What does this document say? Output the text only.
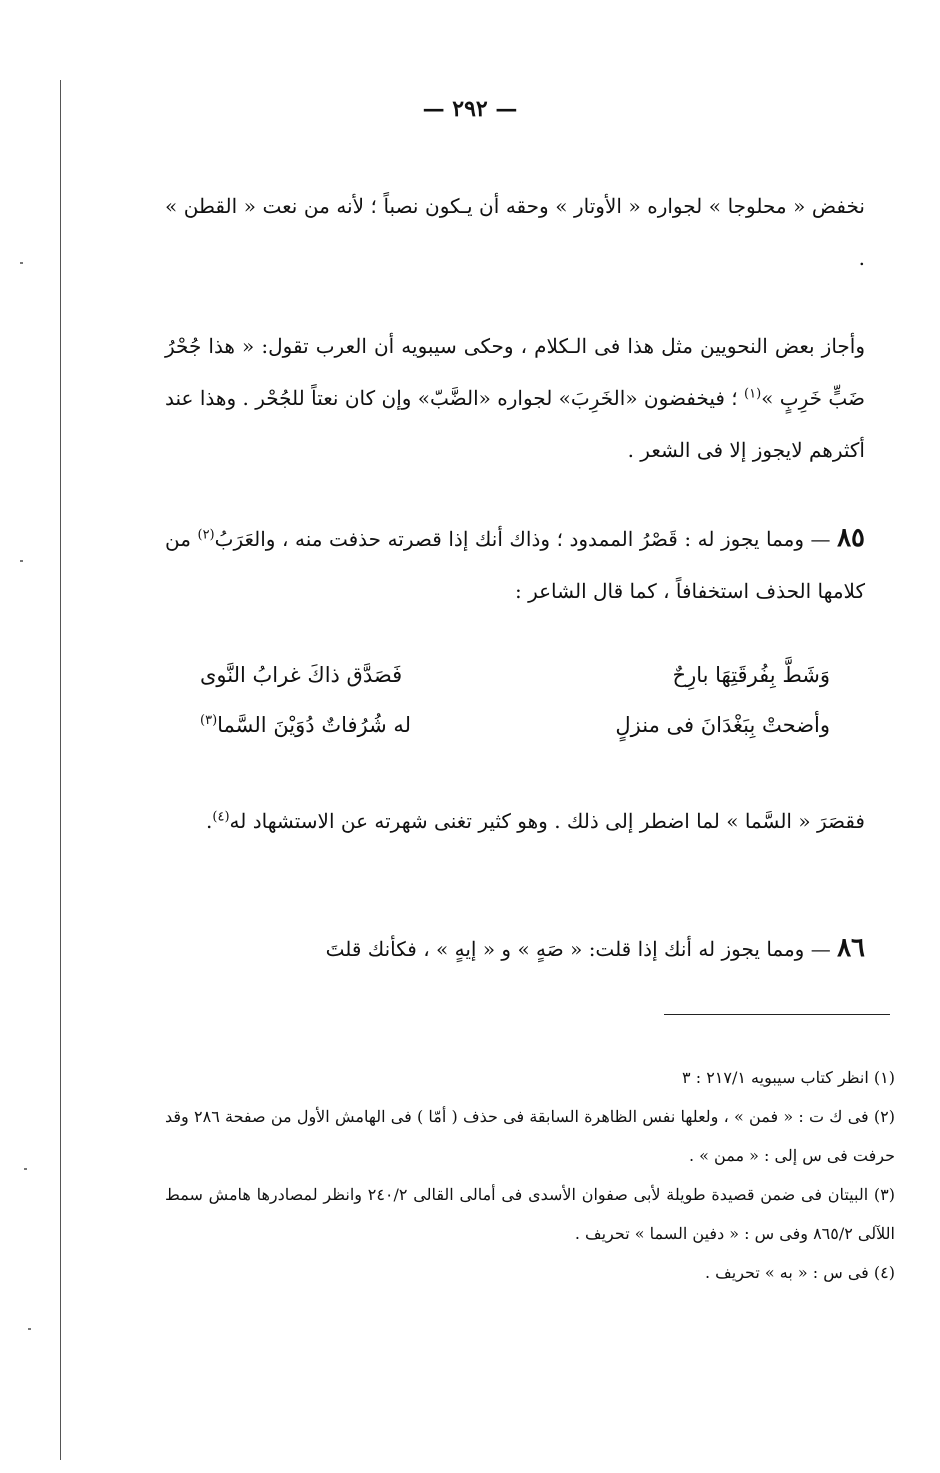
— ٢٩٢ —

نخفض « محلوجا » لجواره « الأوتار » وحقه أن يـكون نصباً ؛ لأنه من نعت « القطن » .

وأجاز بعض النحويين مثل هذا فى الـكلام ، وحكى سيبويه أن العرب تقول: « هذا جُحْرُ ضَبٍّ خَرِبٍ »$^{(١)}$ ؛ فيخفضون «الخَرِبَ» لجواره «الضَّبّ» وإن كان نعتاً للجُحْر . وهذا عند أكثرهم لايجوز إلا فى الشعر .

٨٥ — ومما يجوز له : قَصْرُ الممدود ؛ وذاك أنك إذا قصرته حذفت منه ، والعَرَبُ$^{(٢)}$ من كلامها الحذف استخفافاً ، كما قال الشاعر :

وَشَطَّ بِفُرقَتِهَا بارِحٌ
فَصَدَّق ذاكَ غرابُ النَّوى
وأضحتْ بِبَغْدَانَ فى منزلٍ
له شُرُفاتٌ دُوَيْنَ السَّما$^{(٣)}$

فقصَرَ « السَّما » لما اضطر إلى ذلك . وهو كثير تغنى شهرته عن الاستشهاد له$^{(٤)}$.

٨٦ — ومما يجوز له أنك إذا قلت: « صَهٍ » و « إيهٍ » ، فكأنك قلتَ

(١) انظر كتاب سيبويه ٢١٧/١ : ٣

(٢) فى ك ت : « فمن » ، ولعلها نفس الظاهرة السابقة فى حذف ( أمّا ) فى الهامش الأول من صفحة ٢٨٦ وقد حرفت فى س إلى : « ممن » .

(٣) البيتان فى ضمن قصيدة طويلة لأبى صفوان الأسدى فى أمالى القالى ٢٤٠/٢ وانظر لمصادرها هامش سمط اللآلى ٨٦٥/٢ وفى س : « دفين السما » تحريف .

(٤) فى س : « به » تحريف .
